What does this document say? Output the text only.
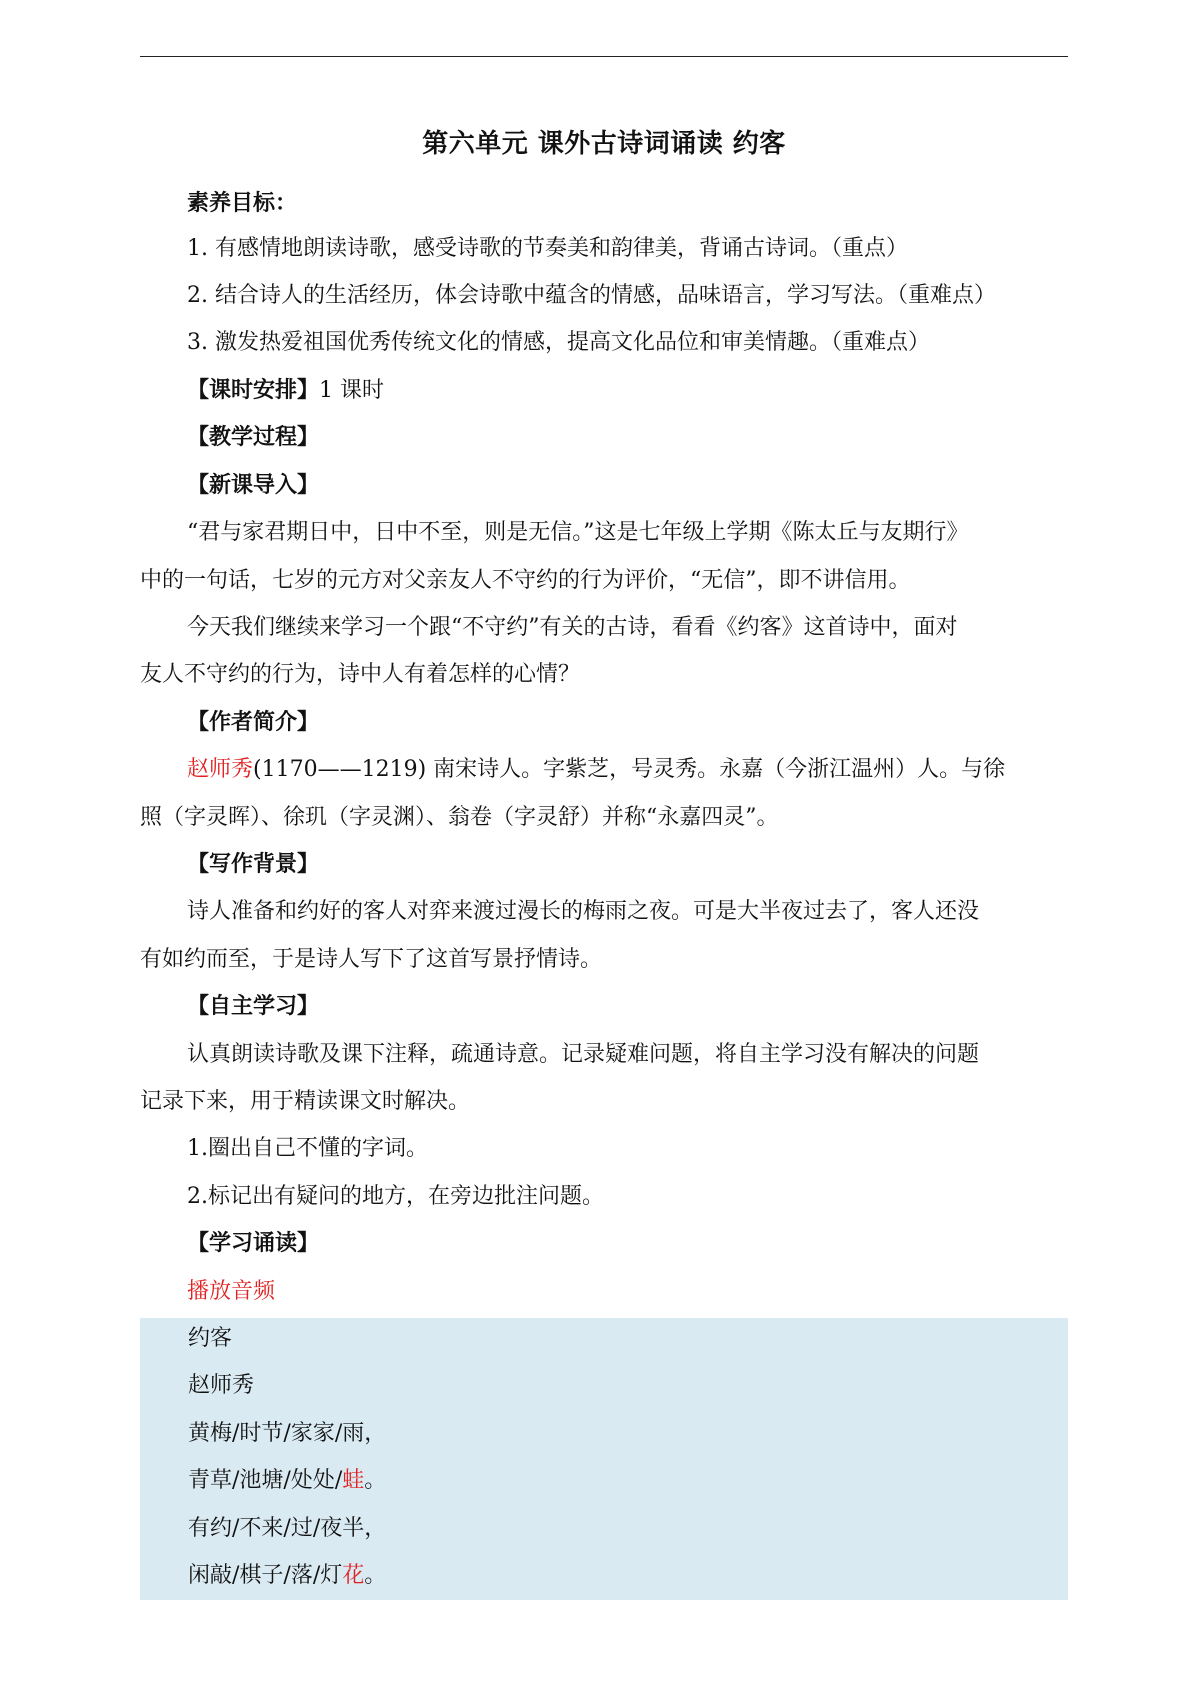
第六单元 课外古诗词诵读 约客
素养目标：
1. 有感情地朗读诗歌，感受诗歌的节奏美和韵律美，背诵古诗词。（重点）
2. 结合诗人的生活经历，体会诗歌中蕴含的情感，品味语言，学习写法。（重难点）
3. 激发热爱祖国优秀传统文化的情感，提高文化品位和审美情趣。（重难点）
【课时安排】1 课时
【教学过程】
【新课导入】
“君与家君期日中，日中不至，则是无信。”这是七年级上学期《陈太丘与友期行》
中的一句话，七岁的元方对父亲友人不守约的行为评价，“无信”，即不讲信用。
今天我们继续来学习一个跟“不守约”有关的古诗，看看《约客》这首诗中，面对
友人不守约的行为，诗中人有着怎样的心情？
【作者简介】
赵师秀(1170——1219) 南宋诗人。字紫芝，号灵秀。永嘉（今浙江温州）人。与徐
照（字灵晖）、徐玑（字灵渊）、翁卷（字灵舒）并称“永嘉四灵”。
【写作背景】
诗人准备和约好的客人对弈来渡过漫长的梅雨之夜。可是大半夜过去了，客人还没
有如约而至，于是诗人写下了这首写景抒情诗。
【自主学习】
认真朗读诗歌及课下注释，疏通诗意。记录疑难问题，将自主学习没有解决的问题
记录下来，用于精读课文时解决。
1.圈出自己不懂的字词。
2.标记出有疑问的地方，在旁边批注问题。
【学习诵读】
播放音频
约客
赵师秀
黄梅/时节/家家/雨，
青草/池塘/处处/蛙。
有约/不来/过/夜半，
闲敲/棋子/落/灯花。
